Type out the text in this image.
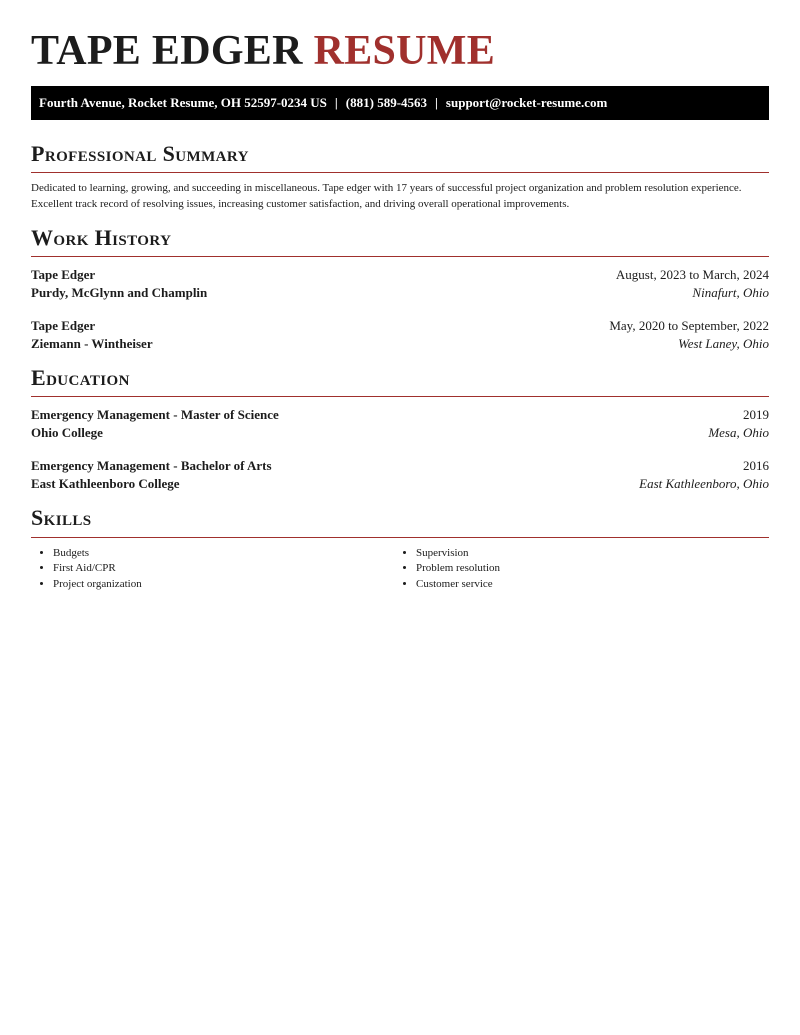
TAPE EDGER RESUME
Fourth Avenue, Rocket Resume, OH 52597-0234 US | (881) 589-4563 | support@rocket-resume.com
Professional Summary

Dedicated to learning, growing, and succeeding in miscellaneous. Tape edger with 17 years of successful project organization and problem resolution experience. Excellent track record of resolving issues, increasing customer satisfaction, and driving overall operational improvements.

Work History
Tape Edger	August, 2023 to March, 2024
Purdy, McGlynn and Champlin	Ninafurt, Ohio
Tape Edger	May, 2020 to September, 2022
Ziemann - Wintheiser	West Laney, Ohio
Education
Emergency Management - Master of Science	2019
Ohio College	Mesa, Ohio
Emergency Management - Bachelor of Arts	2016
East Kathleenboro College	East Kathleenboro, Ohio
Skills
• Budgets
• First Aid/CPR
• Project organization
• Supervision
• Problem resolution
• Customer service
